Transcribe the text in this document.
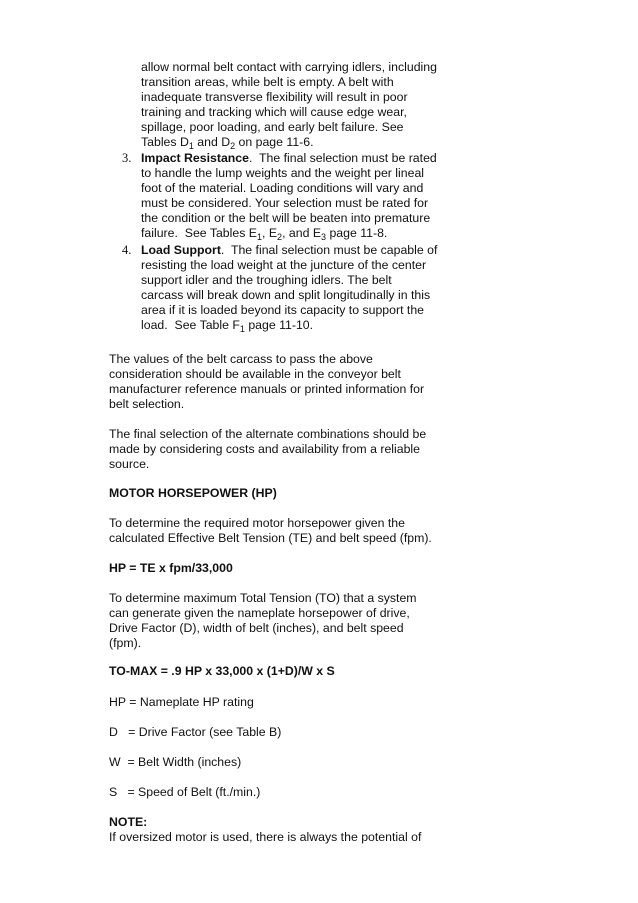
allow normal belt contact with carrying idlers, including
transition areas, while belt is empty. A belt with
inadequate transverse flexibility will result in poor
training and tracking which will cause edge wear,
spillage, poor loading, and early belt failure. See
Tables $D_1$ and $D_2$ on page 11-6.
3. Impact Resistance.  The final selection must be rated
to handle the lump weights and the weight per lineal
foot of the material. Loading conditions will vary and
must be considered. Your selection must be rated for
the condition or the belt will be beaten into premature
failure.  See Tables $E_1$, $E_2$, and $E_3$ page 11-8.
4. Load Support.  The final selection must be capable of
resisting the load weight at the juncture of the center
support idler and the troughing idlers. The belt
carcass will break down and split longitudinally in this
area if it is loaded beyond its capacity to support the
load.  See Table $F_1$ page 11-10.
The values of the belt carcass to pass the above
consideration should be available in the conveyor belt
manufacturer reference manuals or printed information for
belt selection.
The final selection of the alternate combinations should be
made by considering costs and availability from a reliable
source.
MOTOR HORSEPOWER (HP)
To determine the required motor horsepower given the
calculated Effective Belt Tension (TE) and belt speed (fpm).
HP = TE x fpm/33,000
To determine maximum Total Tension (TO) that a system
can generate given the nameplate horsepower of drive,
Drive Factor (D), width of belt (inches), and belt speed
(fpm).
TO-MAX = .9 HP x 33,000 x (1+D)/W x S
HP = Nameplate HP rating
D   = Drive Factor (see Table B)
W  = Belt Width (inches)
S   = Speed of Belt (ft./min.)
NOTE:
If oversized motor is used, there is always the potential of
